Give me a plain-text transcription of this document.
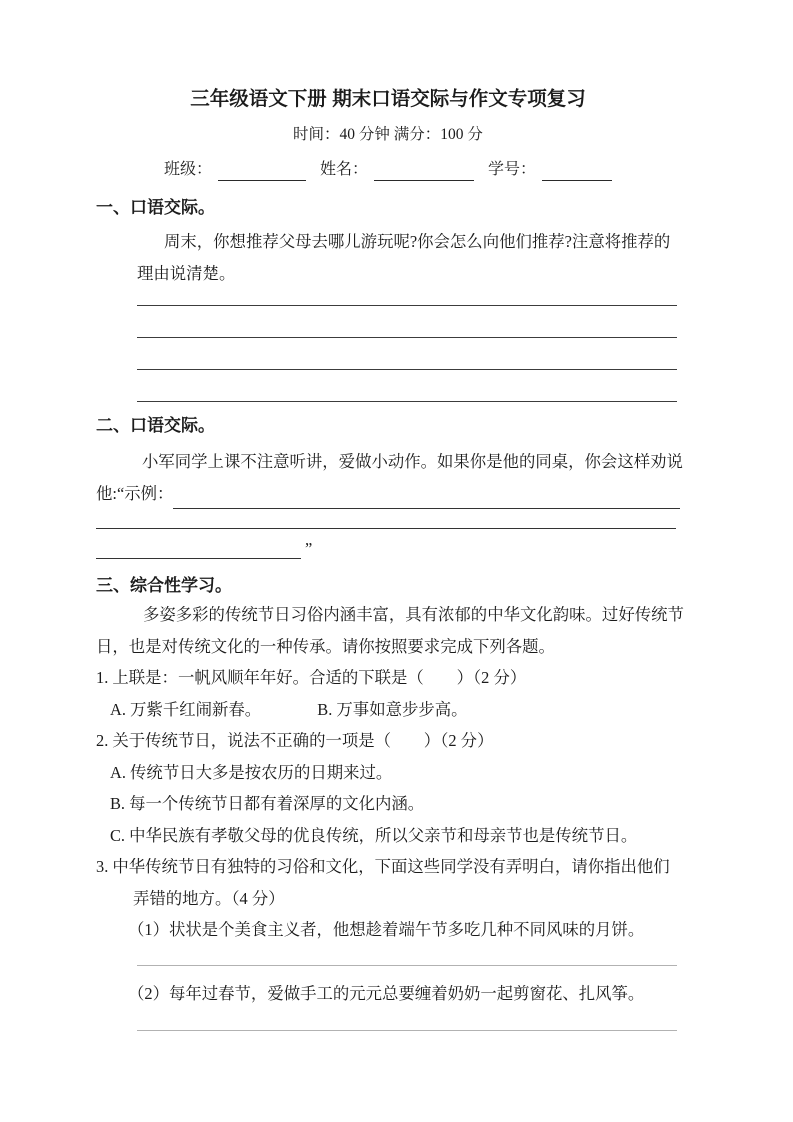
三年级语文下册 期末口语交际与作文专项复习
时间：40 分钟 满分：100 分
班级：	姓名：	学号：
一、口语交际。
周末，你想推荐父母去哪儿游玩呢?你会怎么向他们推荐?注意将推荐的
理由说清楚。
二、口语交际。
小军同学上课不注意听讲，爱做小动作。如果你是他的同桌，你会这样劝说
他:“示例：
”
三、综合性学习。
多姿多彩的传统节日习俗内涵丰富，具有浓郁的中华文化韵味。过好传统节
日，也是对传统文化的一种传承。请你按照要求完成下列各题。
1. 上联是：一帆风顺年年好。合适的下联是（　　）（2 分）
A. 万紫千红闹新春。	B. 万事如意步步高。
2. 关于传统节日，说法不正确的一项是（　　）（2 分）
A. 传统节日大多是按农历的日期来过。
B. 每一个传统节日都有着深厚的文化内涵。
C. 中华民族有孝敬父母的优良传统，所以父亲节和母亲节也是传统节日。
3. 中华传统节日有独特的习俗和文化，下面这些同学没有弄明白，请你指出他们
弄错的地方。（4 分）
（1）状状是个美食主义者，他想趁着端午节多吃几种不同风味的月饼。
（2）每年过春节，爱做手工的元元总要缠着奶奶一起剪窗花、扎风筝。
